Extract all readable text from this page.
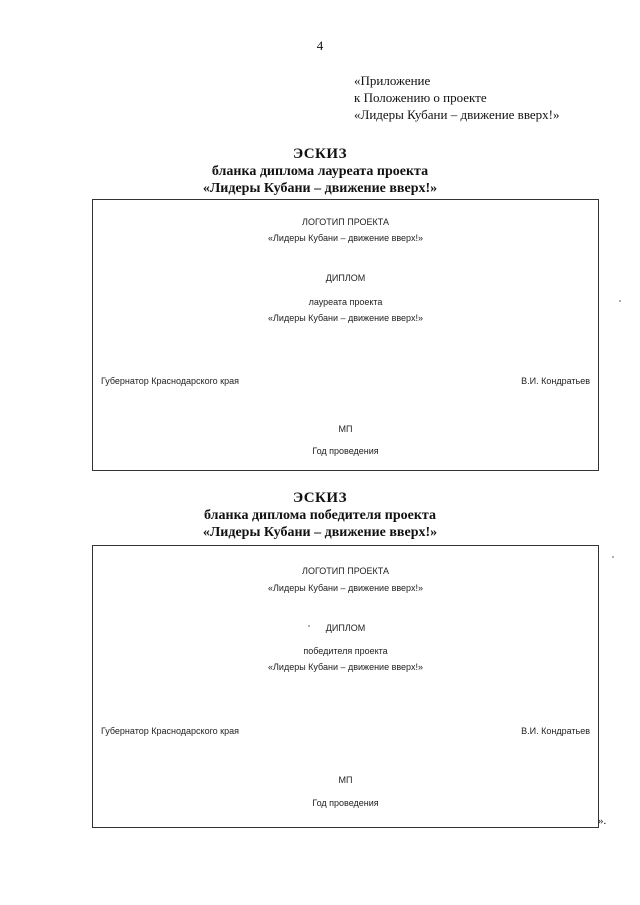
4
«Приложение
к Положению о проекте
«Лидеры Кубани – движение вверх!»
ЭСКИЗ
бланка диплома лауреата проекта
«Лидеры Кубани – движение вверх!»
ЛОГОТИП ПРОЕКТА
«Лидеры Кубани – движение вверх!»
ДИПЛОМ
лауреата проекта
«Лидеры Кубани – движение вверх!»
Губернатор Краснодарского края	В.И. Кондратьев
МП
Год проведения
ЭСКИЗ
бланка диплома победителя проекта
«Лидеры Кубани – движение вверх!»
ЛОГОТИП ПРОЕКТА
«Лидеры Кубани – движение вверх!»
ДИПЛОМ
победителя проекта
«Лидеры Кубани – движение вверх!»
Губернатор Краснодарского края	В.И. Кондратьев
МП
Год проведения
».
